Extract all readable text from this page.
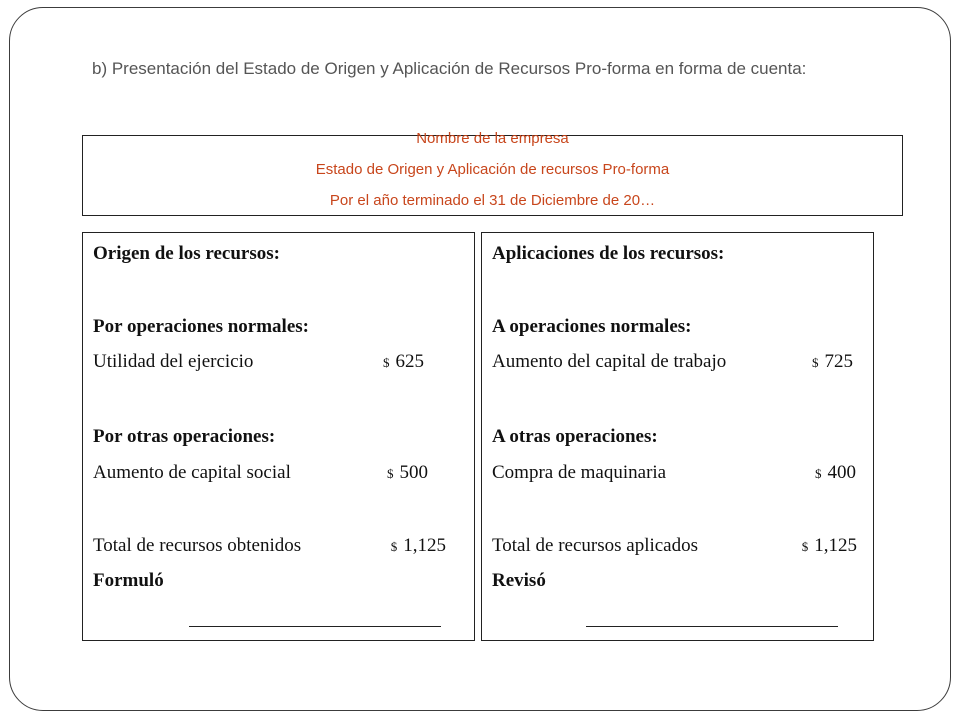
b) Presentación del Estado de Origen y Aplicación de Recursos Pro-forma en forma de cuenta:
Nombre de la empresa
Estado de Origen y Aplicación de recursos Pro-forma
Por el año terminado el 31 de Diciembre de 20…
Origen de los recursos:
Por operaciones normales:
Utilidad del ejercicio	$ 625
Por otras operaciones:
Aumento de capital social	$ 500
Total de recursos obtenidos	$ 1,125
Formuló
Aplicaciones de los recursos:
A operaciones normales:
Aumento del capital de trabajo	$ 725
A otras operaciones:
Compra de maquinaria	$ 400
Total de recursos aplicados	$ 1,125
Revisó
